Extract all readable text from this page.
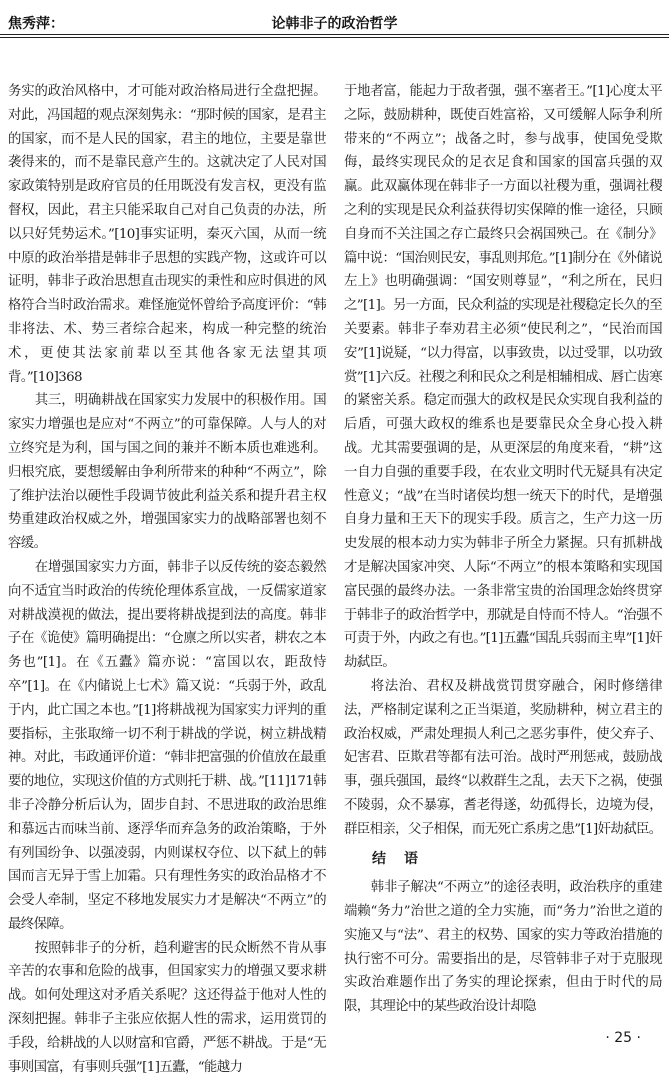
焦秀萍：	论韩非子的政治哲学

务实的政治风格中，才可能对政治格局进行全盘把握。对此，冯国超的观点深刻隽永：“那时候的国家，是君主的国家，而不是人民的国家，君主的地位，主要是靠世袭得来的，而不是靠民意产生的。这就决定了人民对国家政策特别是政府官员的任用既没有发言权，更没有监督权，因此，君主只能采取自己对自己负责的办法，所以只好凭势运术。”[10]事实证明，秦灭六国，从而一统中原的政治举措是韩非子思想的实践产物，这或许可以证明，韩非子政治思想直击现实的秉性和应时俱进的风格符合当时政治需求。难怪施觉怀曾给予高度评价：“韩非将法、术、势三者综合起来，构成一种完整的统治术，更使其法家前辈以至其他各家无法望其项背。”[10]368

其三，明确耕战在国家实力发展中的积极作用。国家实力增强也是应对“不两立”的可靠保障。人与人的对立终究是为利，国与国之间的兼并不断本质也难逃利。归根究底，要想缓解由争利所带来的种种“不两立”，除了维护法治以硬性手段调节彼此利益关系和提升君主权势重建政治权威之外，增强国家实力的战略部署也刻不容缓。

在增强国家实力方面，韩非子以反传统的姿态毅然向不适宜当时政治的传统伦理体系宣战，一反儒家道家对耕战漠视的做法，提出要将耕战提到法的高度。韩非子在《诡使》篇明确提出：“仓廪之所以实者，耕农之本务也”[1]。在《五蠹》篇亦说：“富国以农，距敌恃卒”[1]。在《内储说上七术》篇又说：“兵弱于外，政乱于内，此亡国之本也。”[1]将耕战视为国家实力评判的重要指标，主张取缔一切不利于耕战的学说，树立耕战精神。对此，韦政通评价道：“韩非把富强的价值放在最重要的地位，实现这价值的方式则托于耕、战。”[11]171韩非子冷静分析后认为，固步自封、不思进取的政治思维和慕远古而味当前、逐浮华而弃急务的政治策略，于外有列国纷争、以强凌弱，内则谋权夺位、以下弑上的韩国而言无异于雪上加霜。只有理性务实的政治品格才不会受人牵制，坚定不移地发展实力才是解决“不两立”的最终保障。

按照韩非子的分析，趋利避害的民众断然不肯从事辛苦的农事和危险的战事，但国家实力的增强又要求耕战。如何处理这对矛盾关系呢？这还得益于他对人性的深刻把握。韩非子主张应依据人性的需求，运用赏罚的手段，给耕战的人以财富和官爵，严惩不耕战。于是“无事则国富，有事则兵强”[1]五蠹，“能越力

于地者富，能起力于敌者强，强不塞者王。”[1]心度太平之际，鼓励耕种，既使百姓富裕，又可缓解人际争利所带来的“不两立”；战备之时，参与战事，使国免受欺侮，最终实现民众的足衣足食和国家的国富兵强的双赢。此双赢体现在韩非子一方面以社稷为重，强调社稷之利的实现是民众利益获得切实保障的惟一途径，只顾自身而不关注国之存亡最终只会祸国殃己。在《制分》篇中说：“国治则民安，事乱则邦危。”[1]制分在《外储说左上》也明确强调：“国安则尊显”，“利之所在，民归之”[1]。另一方面，民众利益的实现是社稷稳定长久的至关要素。韩非子奉劝君主必须“使民利之”，“民治而国安”[1]说疑，“以力得富，以事致贵，以过受罪，以功致赏”[1]六反。社稷之利和民众之利是相辅相成、唇亡齿寒的紧密关系。稳定而强大的政权是民众实现自我利益的后盾，可强大政权的维系也是要靠民众全身心投入耕战。尤其需要强调的是，从更深层的角度来看，“耕”这一自力自强的重要手段，在农业文明时代无疑具有决定性意义；“战”在当时诸侯均想一统天下的时代，是增强自身力量和王天下的现实手段。质言之，生产力这一历史发展的根本动力实为韩非子所全力紧握。只有抓耕战才是解决国家冲突、人际“不两立”的根本策略和实现国富民强的最终办法。一条非常宝贵的治国理念始终贯穿于韩非子的政治哲学中，那就是自恃而不恃人。“治强不可责于外，内政之有也。”[1]五蠹“国乱兵弱而主卑”[1]奸劫弑臣。

将法治、君权及耕战赏罚贯穿融合，闲时修缮律法，严格制定谋利之正当渠道，奖励耕种，树立君主的政治权威，严肃处理损人利己之恶劣事件，使父弃子、妃害君、臣欺君等都有法可治。战时严刑惩戒，鼓励战事，强兵强国，最终“以救群生之乱，去天下之祸，使强不陵弱，众不暴寡，耆老得遂，幼孤得长，边境为侵，群臣相亲，父子相保，而无死亡系虏之患”[1]奸劫弑臣。

结　语

韩非子解决“不两立”的途径表明，政治秩序的重建端赖“务力”治世之道的全力实施，而“务力”治世之道的实施又与“法”、君主的权势、国家的实力等政治措施的执行密不可分。需要指出的是，尽管韩非子对于克服现实政治难题作出了务实的理论探索，但由于时代的局限，其理论中的某些政治设计却隐

· 25 ·
